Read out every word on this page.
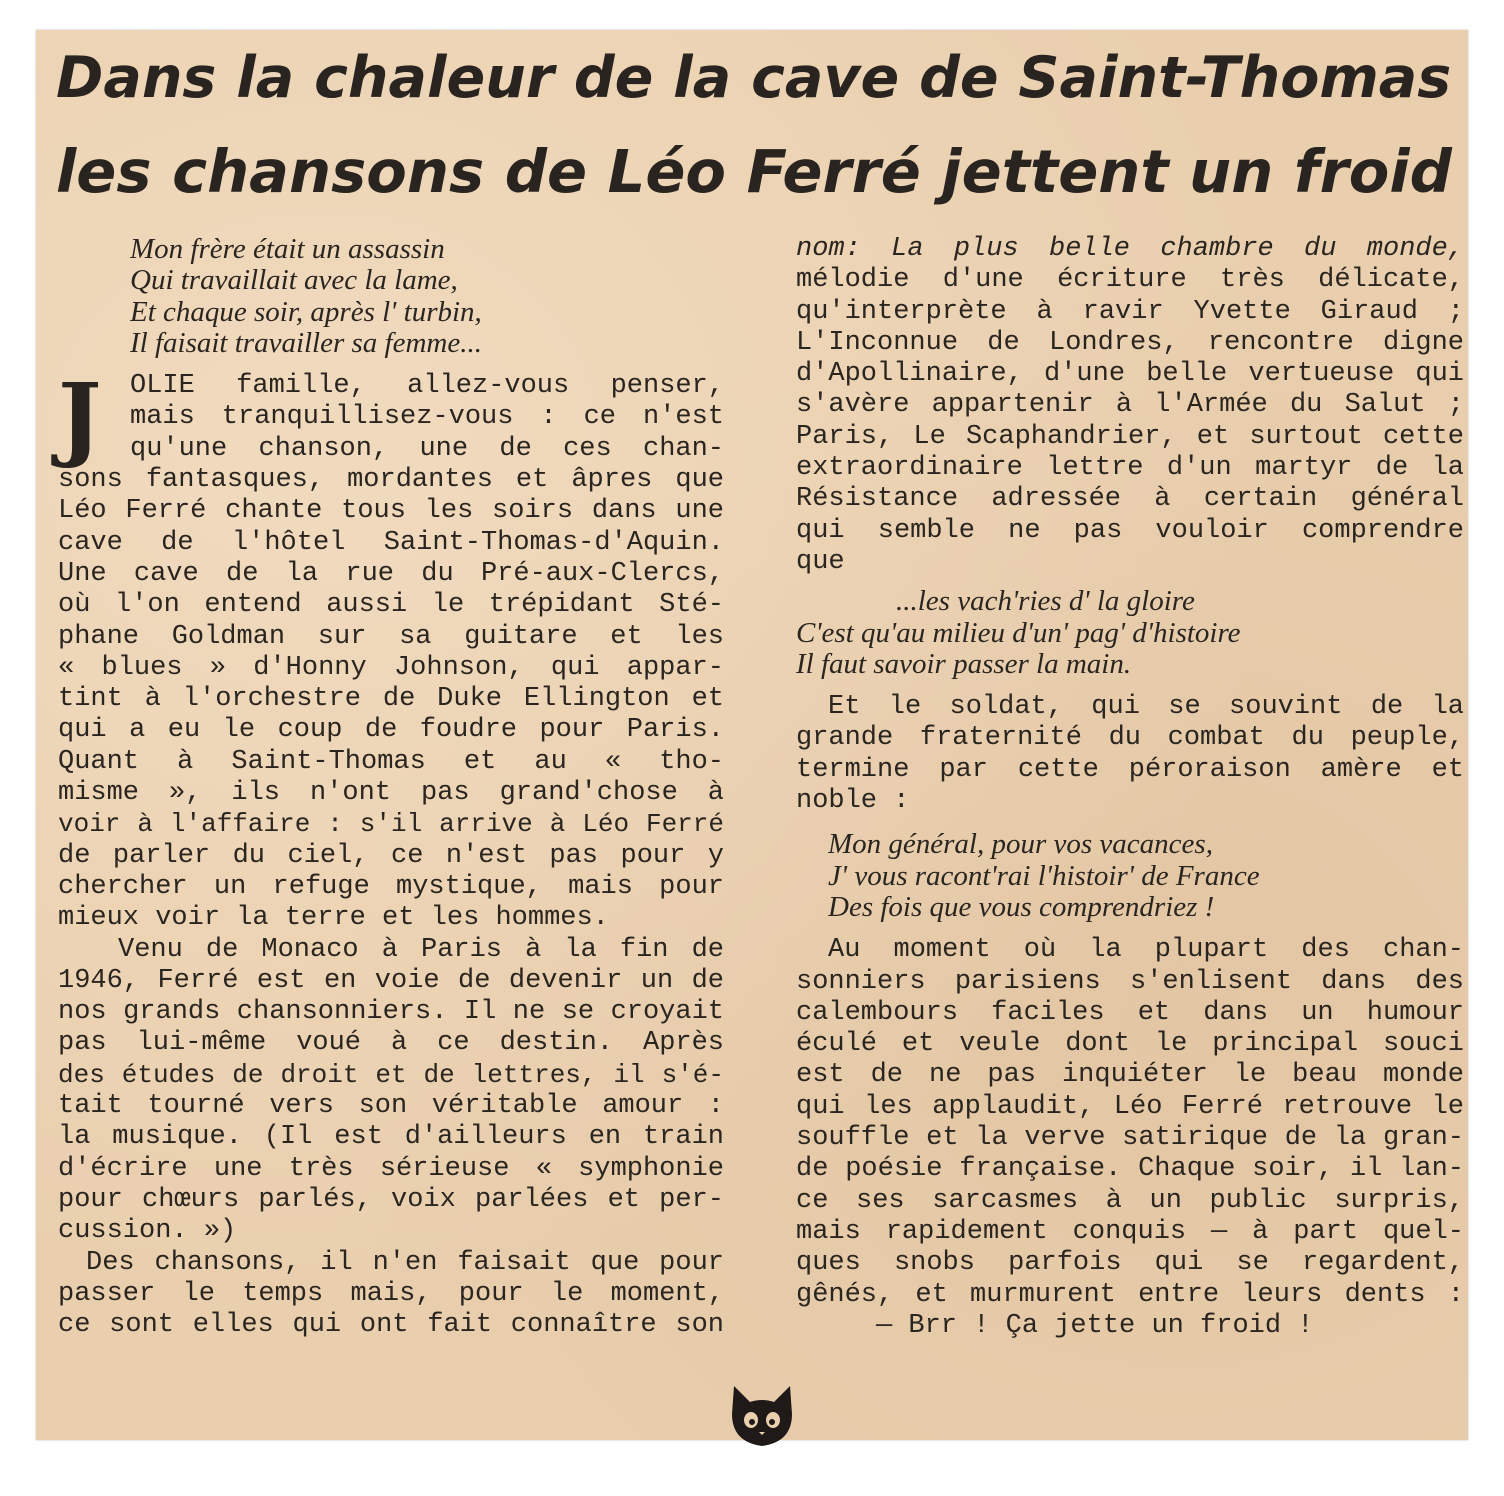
Dans la chaleur de la cave de Saint-Thomas
les chansons de Léo Ferré jettent un froid
Mon frère était un assassin
Qui travaillait avec la lame,
Et chaque soir, après l' turbin,
Il faisait travailler sa femme...
J	OLIE famille, allez-vous penser,
mais tranquillisez-vous : ce n'est
qu'une chanson, une de ces chan-
sons fantasques, mordantes et âpres que
Léo Ferré chante tous les soirs dans une
cave de l'hôtel Saint-Thomas-d'Aquin.
Une cave de la rue du Pré-aux-Clercs,
où l'on entend aussi le trépidant Sté-
phane Goldman sur sa guitare et les
« blues » d'Honny Johnson, qui appar-
tint à l'orchestre de Duke Ellington et
qui a eu le coup de foudre pour Paris.
Quant à Saint-Thomas et au « tho-
misme », ils n'ont pas grand'chose à
voir à l'affaire : s'il arrive à Léo Ferré
de parler du ciel, ce n'est pas pour y
chercher un refuge mystique, mais pour
mieux voir la terre et les hommes.
Venu de Monaco à Paris à la fin de
1946, Ferré est en voie de devenir un de
nos grands chansonniers. Il ne se croyait
pas lui-même voué à ce destin. Après
des études de droit et de lettres, il s'é-
tait tourné vers son véritable amour :
la musique. (Il est d'ailleurs en train
d'écrire une très sérieuse « symphonie
pour chœurs parlés, voix parlées et per-
cussion. »)
Des chansons, il n'en faisait que pour
passer le temps mais, pour le moment,
ce sont elles qui ont fait connaître son
nom: La plus belle chambre du monde,
mélodie d'une écriture très délicate,
qu'interprète à ravir Yvette Giraud ;
L'Inconnue de Londres, rencontre digne
d'Apollinaire, d'une belle vertueuse qui
s'avère appartenir à l'Armée du Salut ;
Paris, Le Scaphandrier, et surtout cette
extraordinaire lettre d'un martyr de la
Résistance adressée à certain général
qui semble ne pas vouloir comprendre
que
...les vach'ries d' la gloire
C'est qu'au milieu d'un' pag' d'histoire
Il faut savoir passer la main.
Et le soldat, qui se souvint de la
grande fraternité du combat du peuple,
termine par cette péroraison amère et
noble :
Mon général, pour vos vacances,
J' vous racont'rai l'histoir' de France
Des fois que vous comprendriez !
Au moment où la plupart des chan-
sonniers parisiens s'enlisent dans des
calembours faciles et dans un humour
éculé et veule dont le principal souci
est de ne pas inquiéter le beau monde
qui les applaudit, Léo Ferré retrouve le
souffle et la verve satirique de la gran-
de poésie française. Chaque soir, il lan-
ce ses sarcasmes à un public surpris,
mais rapidement conquis — à part quel-
ques snobs parfois qui se regardent,
gênés, et murmurent entre leurs dents :
— Brr ! Ça jette un froid !
